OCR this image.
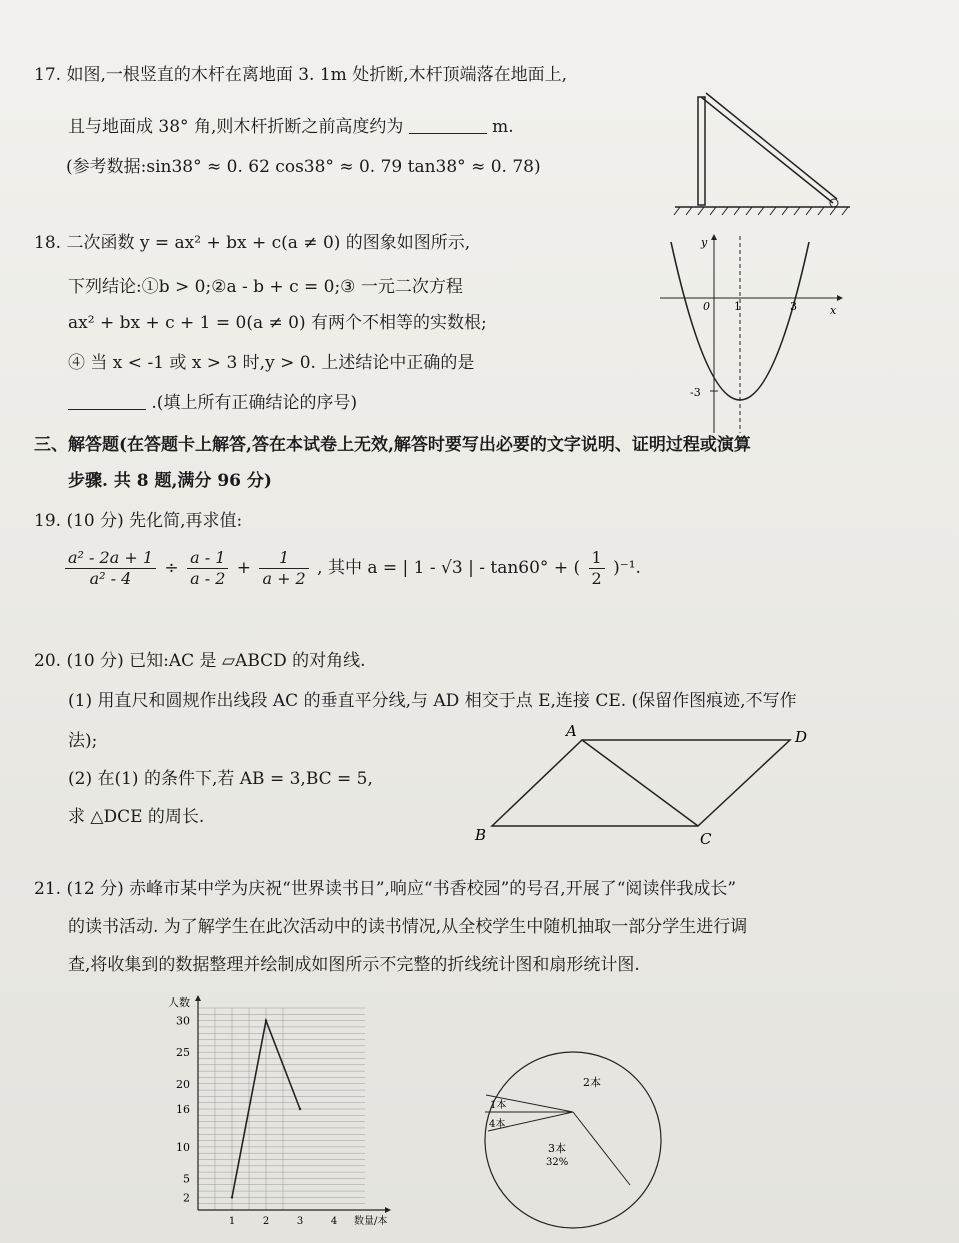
17. 如图,一根竖直的木杆在离地面 3. 1m 处折断,木杆顶端落在地面上,
且与地面成 38° 角,则木杆折断之前高度约为	m.
(参考数据:sin38° ≈ 0. 62 cos38° ≈ 0. 79 tan38° ≈ 0. 78)
18. 二次函数 y = ax² + bx + c(a ≠ 0) 的图象如图所示,
下列结论:①b > 0;②a - b + c = 0;③ 一元二次方程
ax² + bx + c + 1 = 0(a ≠ 0) 有两个不相等的实数根;
④ 当 x < -1 或 x > 3 时,y > 0. 上述结论中正确的是
.(填上所有正确结论的序号)
y
x
0 1	3
-3
三、解答题(在答题卡上解答,答在本试卷上无效,解答时要写出必要的文字说明、证明过程或演算
步骤. 共 8 题,满分 96 分)
19. (10 分) 先化简,再求值:
$\frac{\text{a² - 2a + 1}}{\text{a² - 4}} \div \frac{a - 1}{a - 2} + \frac{1}{a + 2}$ , 其中 a = | 1 - √3 | - tan60° + ( $\frac{1}{2} )^{-1}$.
20. (10 分) 已知:AC 是 ▱ABCD 的对角线.
(1) 用直尺和圆规作出线段 AC 的垂直平分线,与 AD 相交于点 E,连接 CE. (保留作图痕迹,不写作
法);
(2) 在(1) 的条件下,若 AB = 3,BC = 5,
求 △DCE 的周长.
A	D
B	C
21. (12 分) 赤峰市某中学为庆祝“世界读书日”,响应“书香校园”的号召,开展了“阅读伴我成长”
的读书活动. 为了解学生在此次活动中的读书情况,从全校学生中随机抽取一部分学生进行调
查,将收集到的数据整理并绘制成如图所示不完整的折线统计图和扇形统计图.
2
5
10
16
20
25
30
1	2	3	4
人数
数量/本
2本
3本
32%
4本
1本
